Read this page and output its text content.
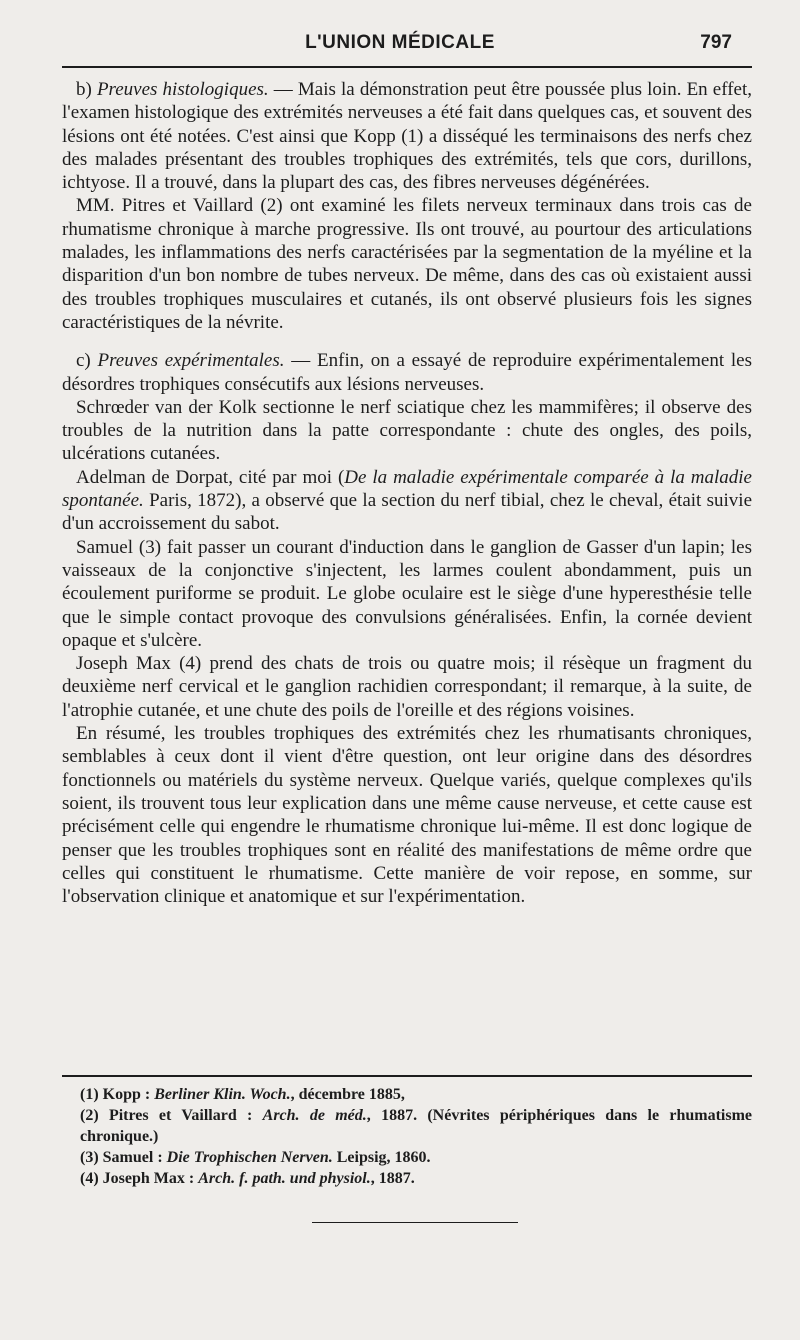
L'UNION MÉDICALE	797

b) Preuves histologiques. — Mais la démonstration peut être poussée plus loin. En effet, l'examen histologique des extrémités nerveuses a été fait dans quelques cas, et souvent des lésions ont été notées. C'est ainsi que Kopp (1) a disséqué les terminaisons des nerfs chez des malades présentant des troubles trophiques des extrémités, tels que cors, durillons, ichtyose. Il a trouvé, dans la plupart des cas, des fibres nerveuses dégénérées.

MM. Pitres et Vaillard (2) ont examiné les filets nerveux terminaux dans trois cas de rhumatisme chronique à marche progressive. Ils ont trouvé, au pourtour des articulations malades, les inflammations des nerfs caractérisées par la segmentation de la myéline et la disparition d'un bon nombre de tubes nerveux. De même, dans des cas où existaient aussi des troubles trophiques musculaires et cutanés, ils ont observé plusieurs fois les signes caractéristiques de la névrite.

c) Preuves expérimentales. — Enfin, on a essayé de reproduire expérimentalement les désordres trophiques consécutifs aux lésions nerveuses.

Schrœder van der Kolk sectionne le nerf sciatique chez les mammifères; il observe des troubles de la nutrition dans la patte correspondante : chute des ongles, des poils, ulcérations cutanées.

Adelman de Dorpat, cité par moi (De la maladie expérimentale comparée à la maladie spontanée. Paris, 1872), a observé que la section du nerf tibial, chez le cheval, était suivie d'un accroissement du sabot.

Samuel (3) fait passer un courant d'induction dans le ganglion de Gasser d'un lapin; les vaisseaux de la conjonctive s'injectent, les larmes coulent abondamment, puis un écoulement puriforme se produit. Le globe oculaire est le siège d'une hyperesthésie telle que le simple contact provoque des convulsions généralisées. Enfin, la cornée devient opaque et s'ulcère.

Joseph Max (4) prend des chats de trois ou quatre mois; il résèque un fragment du deuxième nerf cervical et le ganglion rachidien correspondant; il remarque, à la suite, de l'atrophie cutanée, et une chute des poils de l'oreille et des régions voisines.

En résumé, les troubles trophiques des extrémités chez les rhumatisants chroniques, semblables à ceux dont il vient d'être question, ont leur origine dans des désordres fonctionnels ou matériels du système nerveux. Quelque variés, quelque complexes qu'ils soient, ils trouvent tous leur explication dans une même cause nerveuse, et cette cause est précisément celle qui engendre le rhumatisme chronique lui-même. Il est donc logique de penser que les troubles trophiques sont en réalité des manifestations de même ordre que celles qui constituent le rhumatisme. Cette manière de voir repose, en somme, sur l'observation clinique et anatomique et sur l'expérimentation.

(1) Kopp : Berliner Klin. Woch., décembre 1885,

(2) Pitres et Vaillard : Arch. de méd., 1887. (Névrites périphériques dans le rhumatisme chronique.)

(3) Samuel : Die Trophischen Nerven. Leipsig, 1860.

(4) Joseph Max : Arch. f. path. und physiol., 1887.
